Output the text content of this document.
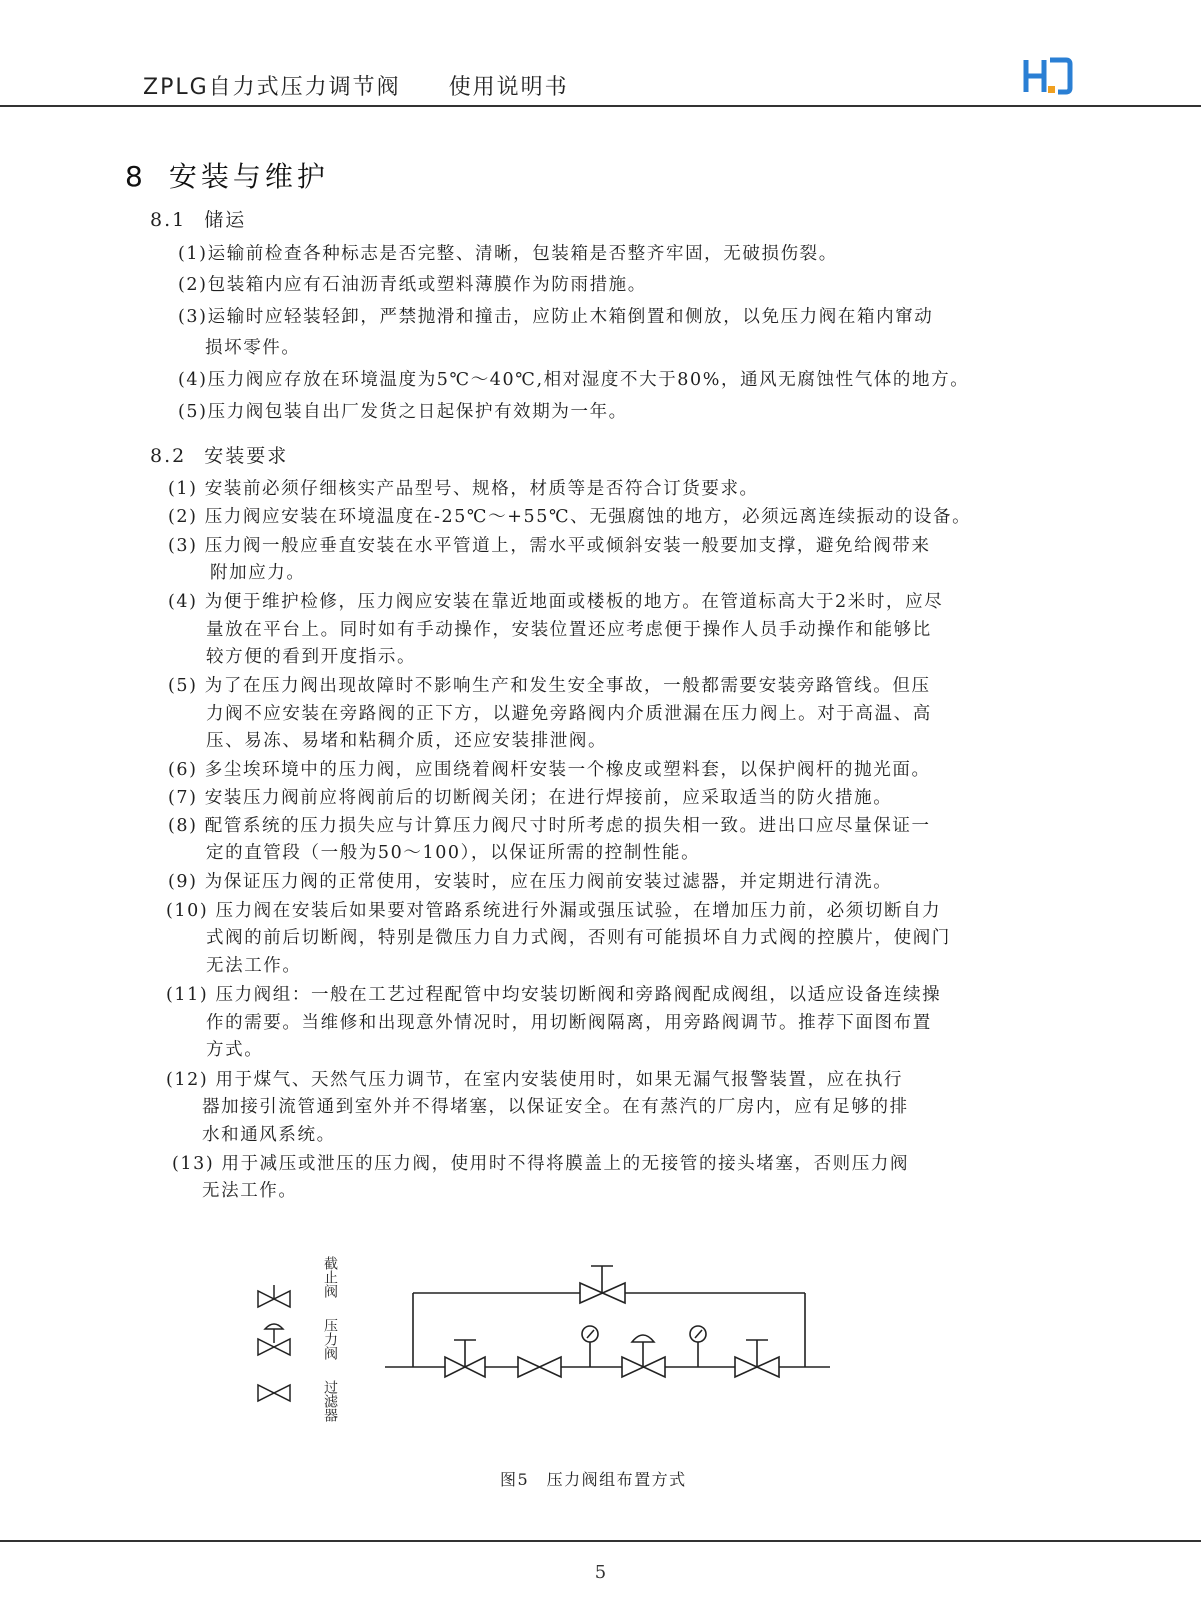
ZPLG自力式压力调节阀 使用说明书
8 安装与维护
8.1 储运
(1)运输前检查各种标志是否完整、清晰，包装箱是否整齐牢固，无破损伤裂。
(2)包装箱内应有石油沥青纸或塑料薄膜作为防雨措施。
(3)运输时应轻装轻卸，严禁抛滑和撞击，应防止木箱倒置和侧放，以免压力阀在箱内窜动
损坏零件。
(4)压力阀应存放在环境温度为5℃～40℃,相对湿度不大于80%，通风无腐蚀性气体的地方。
(5)压力阀包装自出厂发货之日起保护有效期为一年。
8.2 安装要求
(1) 安装前必须仔细核实产品型号、规格，材质等是否符合订货要求。
(2) 压力阀应安装在环境温度在-25℃～+55℃、无强腐蚀的地方，必须远离连续振动的设备。
(3) 压力阀一般应垂直安装在水平管道上，需水平或倾斜安装一般要加支撑，避免给阀带来
附加应力。
(4) 为便于维护检修，压力阀应安装在靠近地面或楼板的地方。在管道标高大于2米时，应尽
量放在平台上。同时如有手动操作，安装位置还应考虑便于操作人员手动操作和能够比
较方便的看到开度指示。
(5) 为了在压力阀出现故障时不影响生产和发生安全事故，一般都需要安装旁路管线。但压
力阀不应安装在旁路阀的正下方，以避免旁路阀内介质泄漏在压力阀上。对于高温、高
压、易冻、易堵和粘稠介质，还应安装排泄阀。
(6) 多尘埃环境中的压力阀，应围绕着阀杆安装一个橡皮或塑料套，以保护阀杆的抛光面。
(7) 安装压力阀前应将阀前后的切断阀关闭；在进行焊接前，应采取适当的防火措施。
(8) 配管系统的压力损失应与计算压力阀尺寸时所考虑的损失相一致。进出口应尽量保证一
定的直管段（一般为50～100），以保证所需的控制性能。
(9) 为保证压力阀的正常使用，安装时，应在压力阀前安装过滤器，并定期进行清洗。
(10) 压力阀在安装后如果要对管路系统进行外漏或强压试验，在增加压力前，必须切断自力
式阀的前后切断阀，特别是微压力自力式阀，否则有可能损坏自力式阀的控膜片，使阀门
无法工作。
(11) 压力阀组：一般在工艺过程配管中均安装切断阀和旁路阀配成阀组，以适应设备连续操
作的需要。当维修和出现意外情况时，用切断阀隔离，用旁路阀调节。推荐下面图布置
方式。
(12) 用于煤气、天然气压力调节，在室内安装使用时，如果无漏气报警装置，应在执行
器加接引流管通到室外并不得堵塞，以保证安全。在有蒸汽的厂房内，应有足够的排
水和通风系统。
(13) 用于减压或泄压的压力阀，使用时不得将膜盖上的无接管的接头堵塞，否则压力阀
无法工作。
截止阀
压力阀
过滤器
图5　压力阀组布置方式
5
